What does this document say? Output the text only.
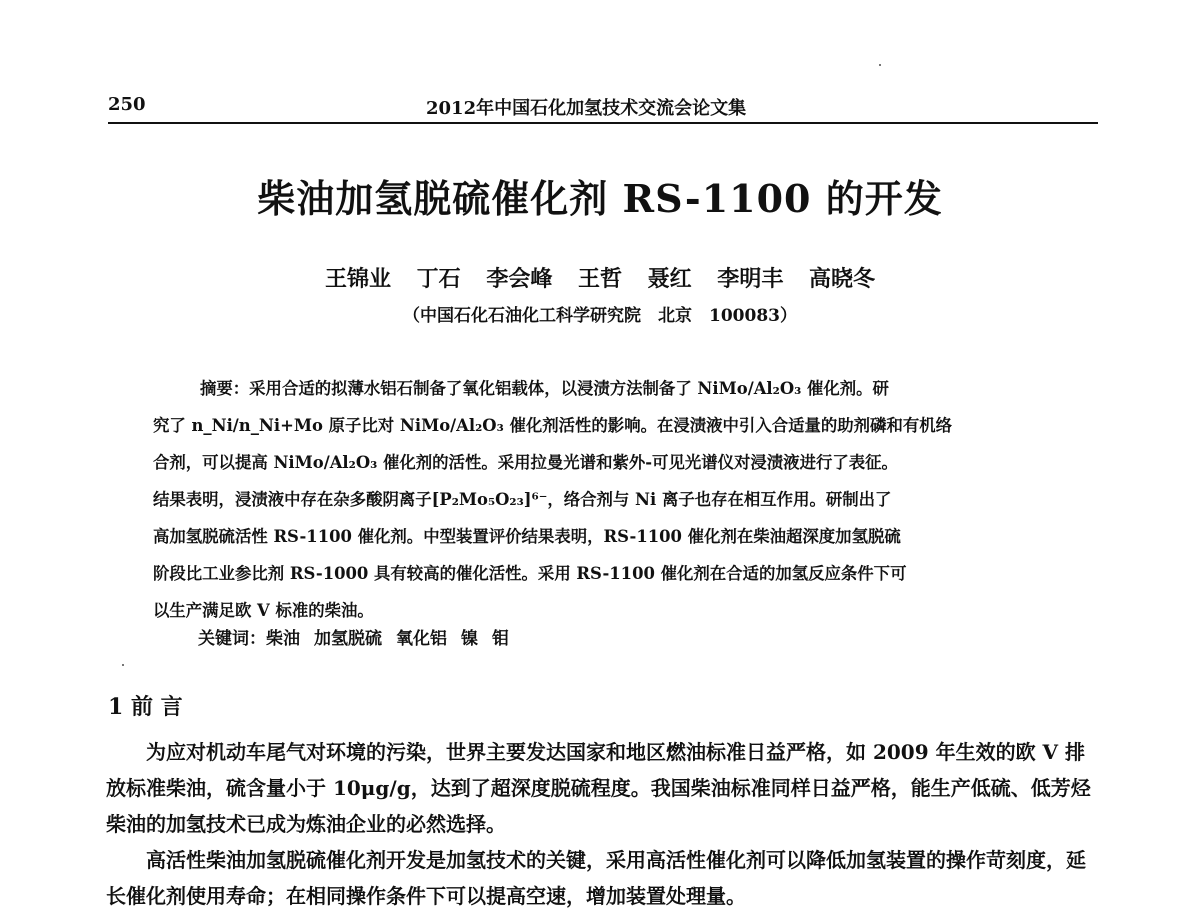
250	2012年中国石化加氢技术交流会论文集
柴油加氢脱硫催化剂 RS-1100 的开发
王锦业 丁石 李会峰 王哲 聂红 李明丰 高晓冬
（中国石化石油化工科学研究院　北京　100083）

摘要：采用合适的拟薄水铝石制备了氧化铝载体，以浸渍方法制备了 NiMo/Al₂O₃ 催化剂。研

究了 n_Ni/n_Ni+Mo 原子比对 NiMo/Al₂O₃ 催化剂活性的影响。在浸渍液中引入合适量的助剂磷和有机络

合剂，可以提高 NiMo/Al₂O₃ 催化剂的活性。采用拉曼光谱和紫外-可见光谱仪对浸渍液进行了表征。

结果表明，浸渍液中存在杂多酸阴离子[P₂Mo₅O₂₃]⁶⁻，络合剂与 Ni 离子也存在相互作用。研制出了

高加氢脱硫活性 RS-1100 催化剂。中型装置评价结果表明，RS-1100 催化剂在柴油超深度加氢脱硫

阶段比工业参比剂 RS-1000 具有较高的催化活性。采用 RS-1100 催化剂在合适的加氢反应条件下可

以生产满足欧 V 标准的柴油。

关键词：柴油 加氢脱硫 氧化铝 镍 钼
1 前 言

为应对机动车尾气对环境的污染，世界主要发达国家和地区燃油标准日益严格，如 2009 年生效的欧 V 排放标准柴油，硫含量小于 10μg/g，达到了超深度脱硫程度。我国柴油标准同样日益严格，能生产低硫、低芳烃柴油的加氢技术已成为炼油企业的必然选择。

高活性柴油加氢脱硫催化剂开发是加氢技术的关键，采用高活性催化剂可以降低加氢装置的操作苛刻度，延长催化剂使用寿命；在相同操作条件下可以提高空速，增加装置处理量。
